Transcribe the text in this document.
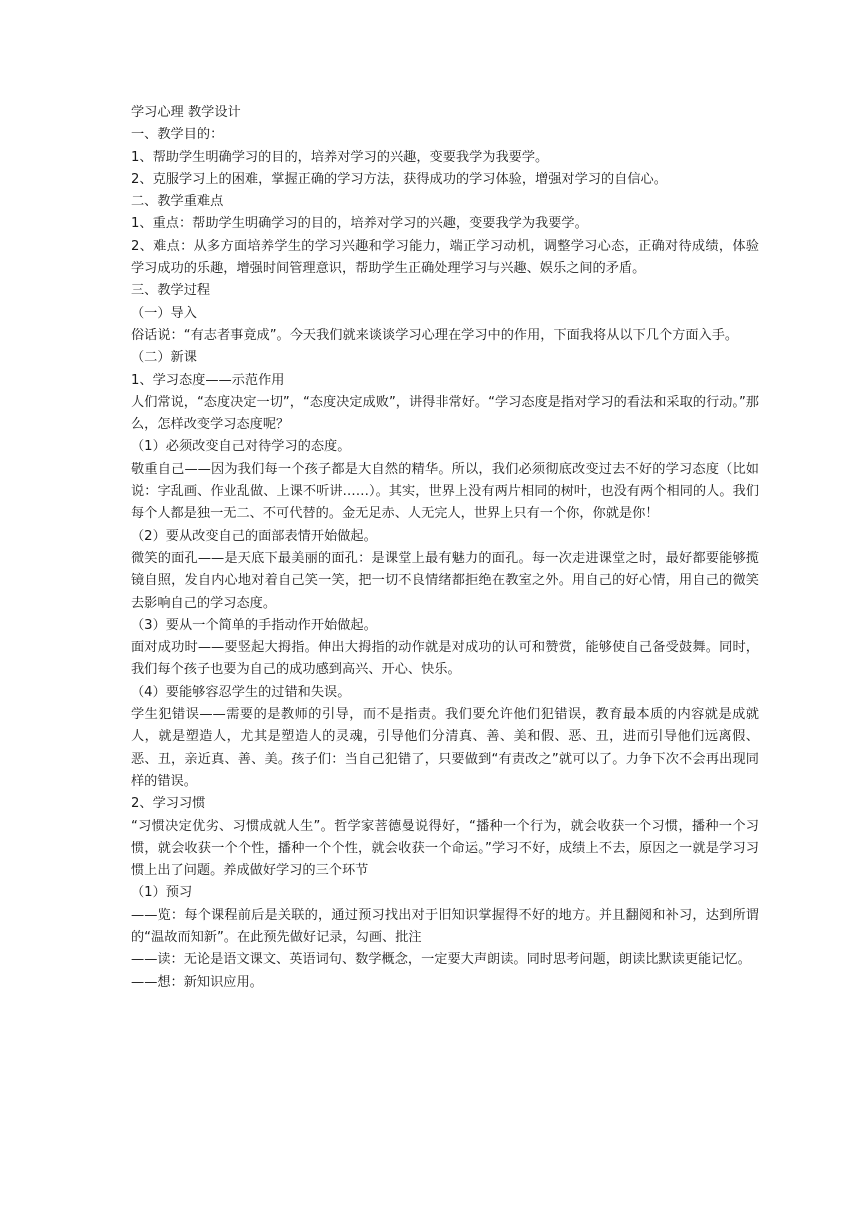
学习心理 教学设计

一、教学目的：

1、帮助学生明确学习的目的，培养对学习的兴趣，变要我学为我要学。

2、克服学习上的困难，掌握正确的学习方法，获得成功的学习体验，增强对学习的自信心。

二、教学重难点

1、重点：帮助学生明确学习的目的，培养对学习的兴趣，变要我学为我要学。

2、难点：从多方面培养学生的学习兴趣和学习能力，端正学习动机，调整学习心态，正确对待成绩，体验学习成功的乐趣，增强时间管理意识，帮助学生正确处理学习与兴趣、娱乐之间的矛盾。

三、教学过程

（一）导入

俗话说：“有志者事竟成”。今天我们就来谈谈学习心理在学习中的作用，下面我将从以下几个方面入手。

（二）新课

1、学习态度——示范作用

人们常说，“态度决定一切”，“态度决定成败”，讲得非常好。“学习态度是指对学习的看法和采取的行动。”那么，怎样改变学习态度呢？

（1）必须改变自己对待学习的态度。

敬重自己——因为我们每一个孩子都是大自然的精华。所以，我们必须彻底改变过去不好的学习态度（比如说：字乱画、作业乱做、上课不听讲……）。其实，世界上没有两片相同的树叶，也没有两个相同的人。我们每个人都是独一无二、不可代替的。金无足赤、人无完人，世界上只有一个你，你就是你！

（2）要从改变自己的面部表情开始做起。

微笑的面孔——是天底下最美丽的面孔：是课堂上最有魅力的面孔。每一次走进课堂之时，最好都要能够揽镜自照，发自内心地对着自己笑一笑，把一切不良情绪都拒绝在教室之外。用自己的好心情，用自己的微笑去影响自己的学习态度。

（3）要从一个简单的手指动作开始做起。

面对成功时——要竖起大拇指。伸出大拇指的动作就是对成功的认可和赞赏，能够使自己备受鼓舞。同时，我们每个孩子也要为自己的成功感到高兴、开心、快乐。

（4）要能够容忍学生的过错和失误。

学生犯错误——需要的是教师的引导，而不是指责。我们要允许他们犯错误，教育最本质的内容就是成就人，就是塑造人，尤其是塑造人的灵魂，引导他们分清真、善、美和假、恶、丑，进而引导他们远离假、恶、丑，亲近真、善、美。孩子们：当自己犯错了，只要做到“有责改之”就可以了。力争下次不会再出现同样的错误。

2、学习习惯

“习惯决定优劣、习惯成就人生”。哲学家菩德曼说得好，“播种一个行为，就会收获一个习惯，播种一个习惯，就会收获一个个性，播种一个个性，就会收获一个命运。”学习不好，成绩上不去，原因之一就是学习习惯上出了问题。养成做好学习的三个环节

（1）预习

——览：每个课程前后是关联的，通过预习找出对于旧知识掌握得不好的地方。并且翻阅和补习，达到所谓的“温故而知新”。在此预先做好记录，勾画、批注

——读：无论是语文课文、英语词句、数学概念，一定要大声朗读。同时思考问题，朗读比默读更能记忆。

——想：新知识应用。
